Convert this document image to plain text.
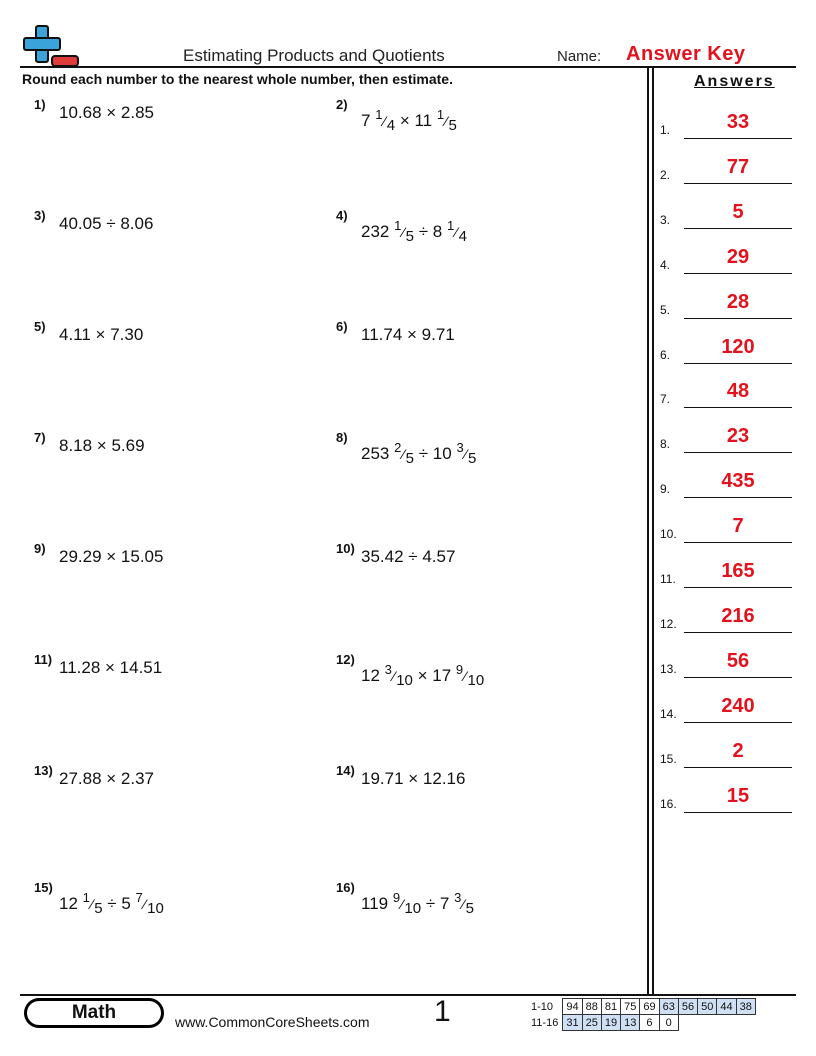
Estimating Products and Quotients	Name: Answer Key
Round each number to the nearest whole number, then estimate.
1) 10.68 × 2.85	2)
7 $^1⁄_4 \times 11$ $^1⁄_5$
3) 40.05 ÷ 8.06	4)
232 $^1⁄_5 \div 8$ $^1⁄_4$
5) 4.11 × 7.30	6) 11.74 × 9.71
7) 8.18 × 5.69	8)
253 $^2⁄_5 \div 10$ $^3⁄_5$
9) 29.29 × 15.05	10) 35.42 ÷ 4.57
11) 11.28 × 14.51	12)
12 $^3⁄_{10} \times 17$ $^9⁄_{10}$
13) 27.88 × 2.37	14) 19.71 × 12.16
15)
12 $^1⁄_5 \div 5$ $^7⁄_{10}$
16)
119 $^9⁄_{10} \div 7$ $^3⁄_5$
Answers
1.	33
2.	77
3.	5
4.	29
5.	28
6.	120
7.	48
8.	23
9.	435
10.	7
11.	165
12.	216
13.	56
14.	240
15.	2
16.	15
Math	www.CommonCoreSheets.com 1	1-10	94	88	81	75	69	63	56	50	44	38
11-16	31	25	19	13	6	0				
